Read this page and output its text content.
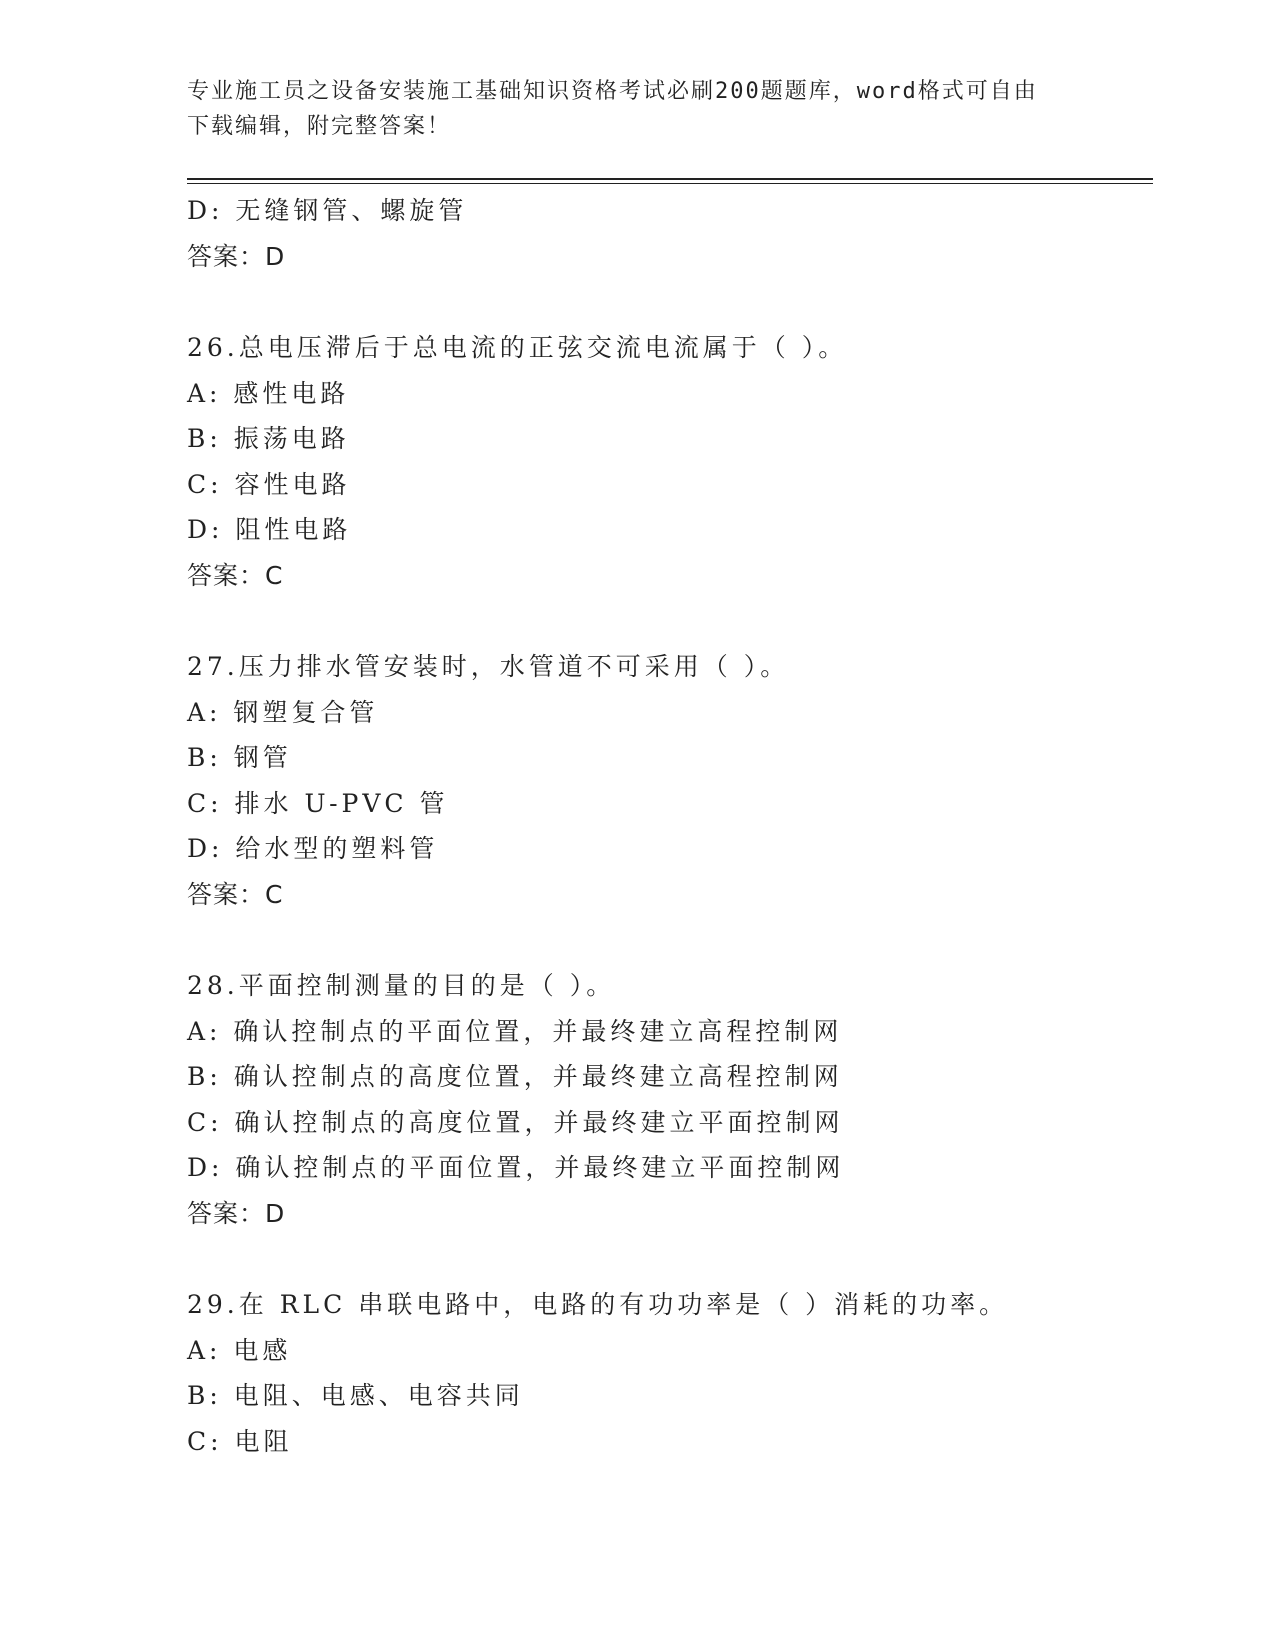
专业施工员之设备安装施工基础知识资格考试必刷200题题库，word格式可自由
下载编辑，附完整答案！
D: 无缝钢管、螺旋管
答案：D
26.总电压滞后于总电流的正弦交流电流属于（ ）。
A: 感性电路
B: 振荡电路
C: 容性电路
D: 阻性电路
答案：C
27.压力排水管安装时，水管道不可采用（ ）。
A: 钢塑复合管
B: 钢管
C: 排水 U-PVC 管
D: 给水型的塑料管
答案：C
28.平面控制测量的目的是（ ）。
A: 确认控制点的平面位置，并最终建立高程控制网
B: 确认控制点的高度位置，并最终建立高程控制网
C: 确认控制点的高度位置，并最终建立平面控制网
D: 确认控制点的平面位置，并最终建立平面控制网
答案：D
29.在 RLC 串联电路中，电路的有功功率是（ ）消耗的功率。
A: 电感
B: 电阻、电感、电容共同
C: 电阻
